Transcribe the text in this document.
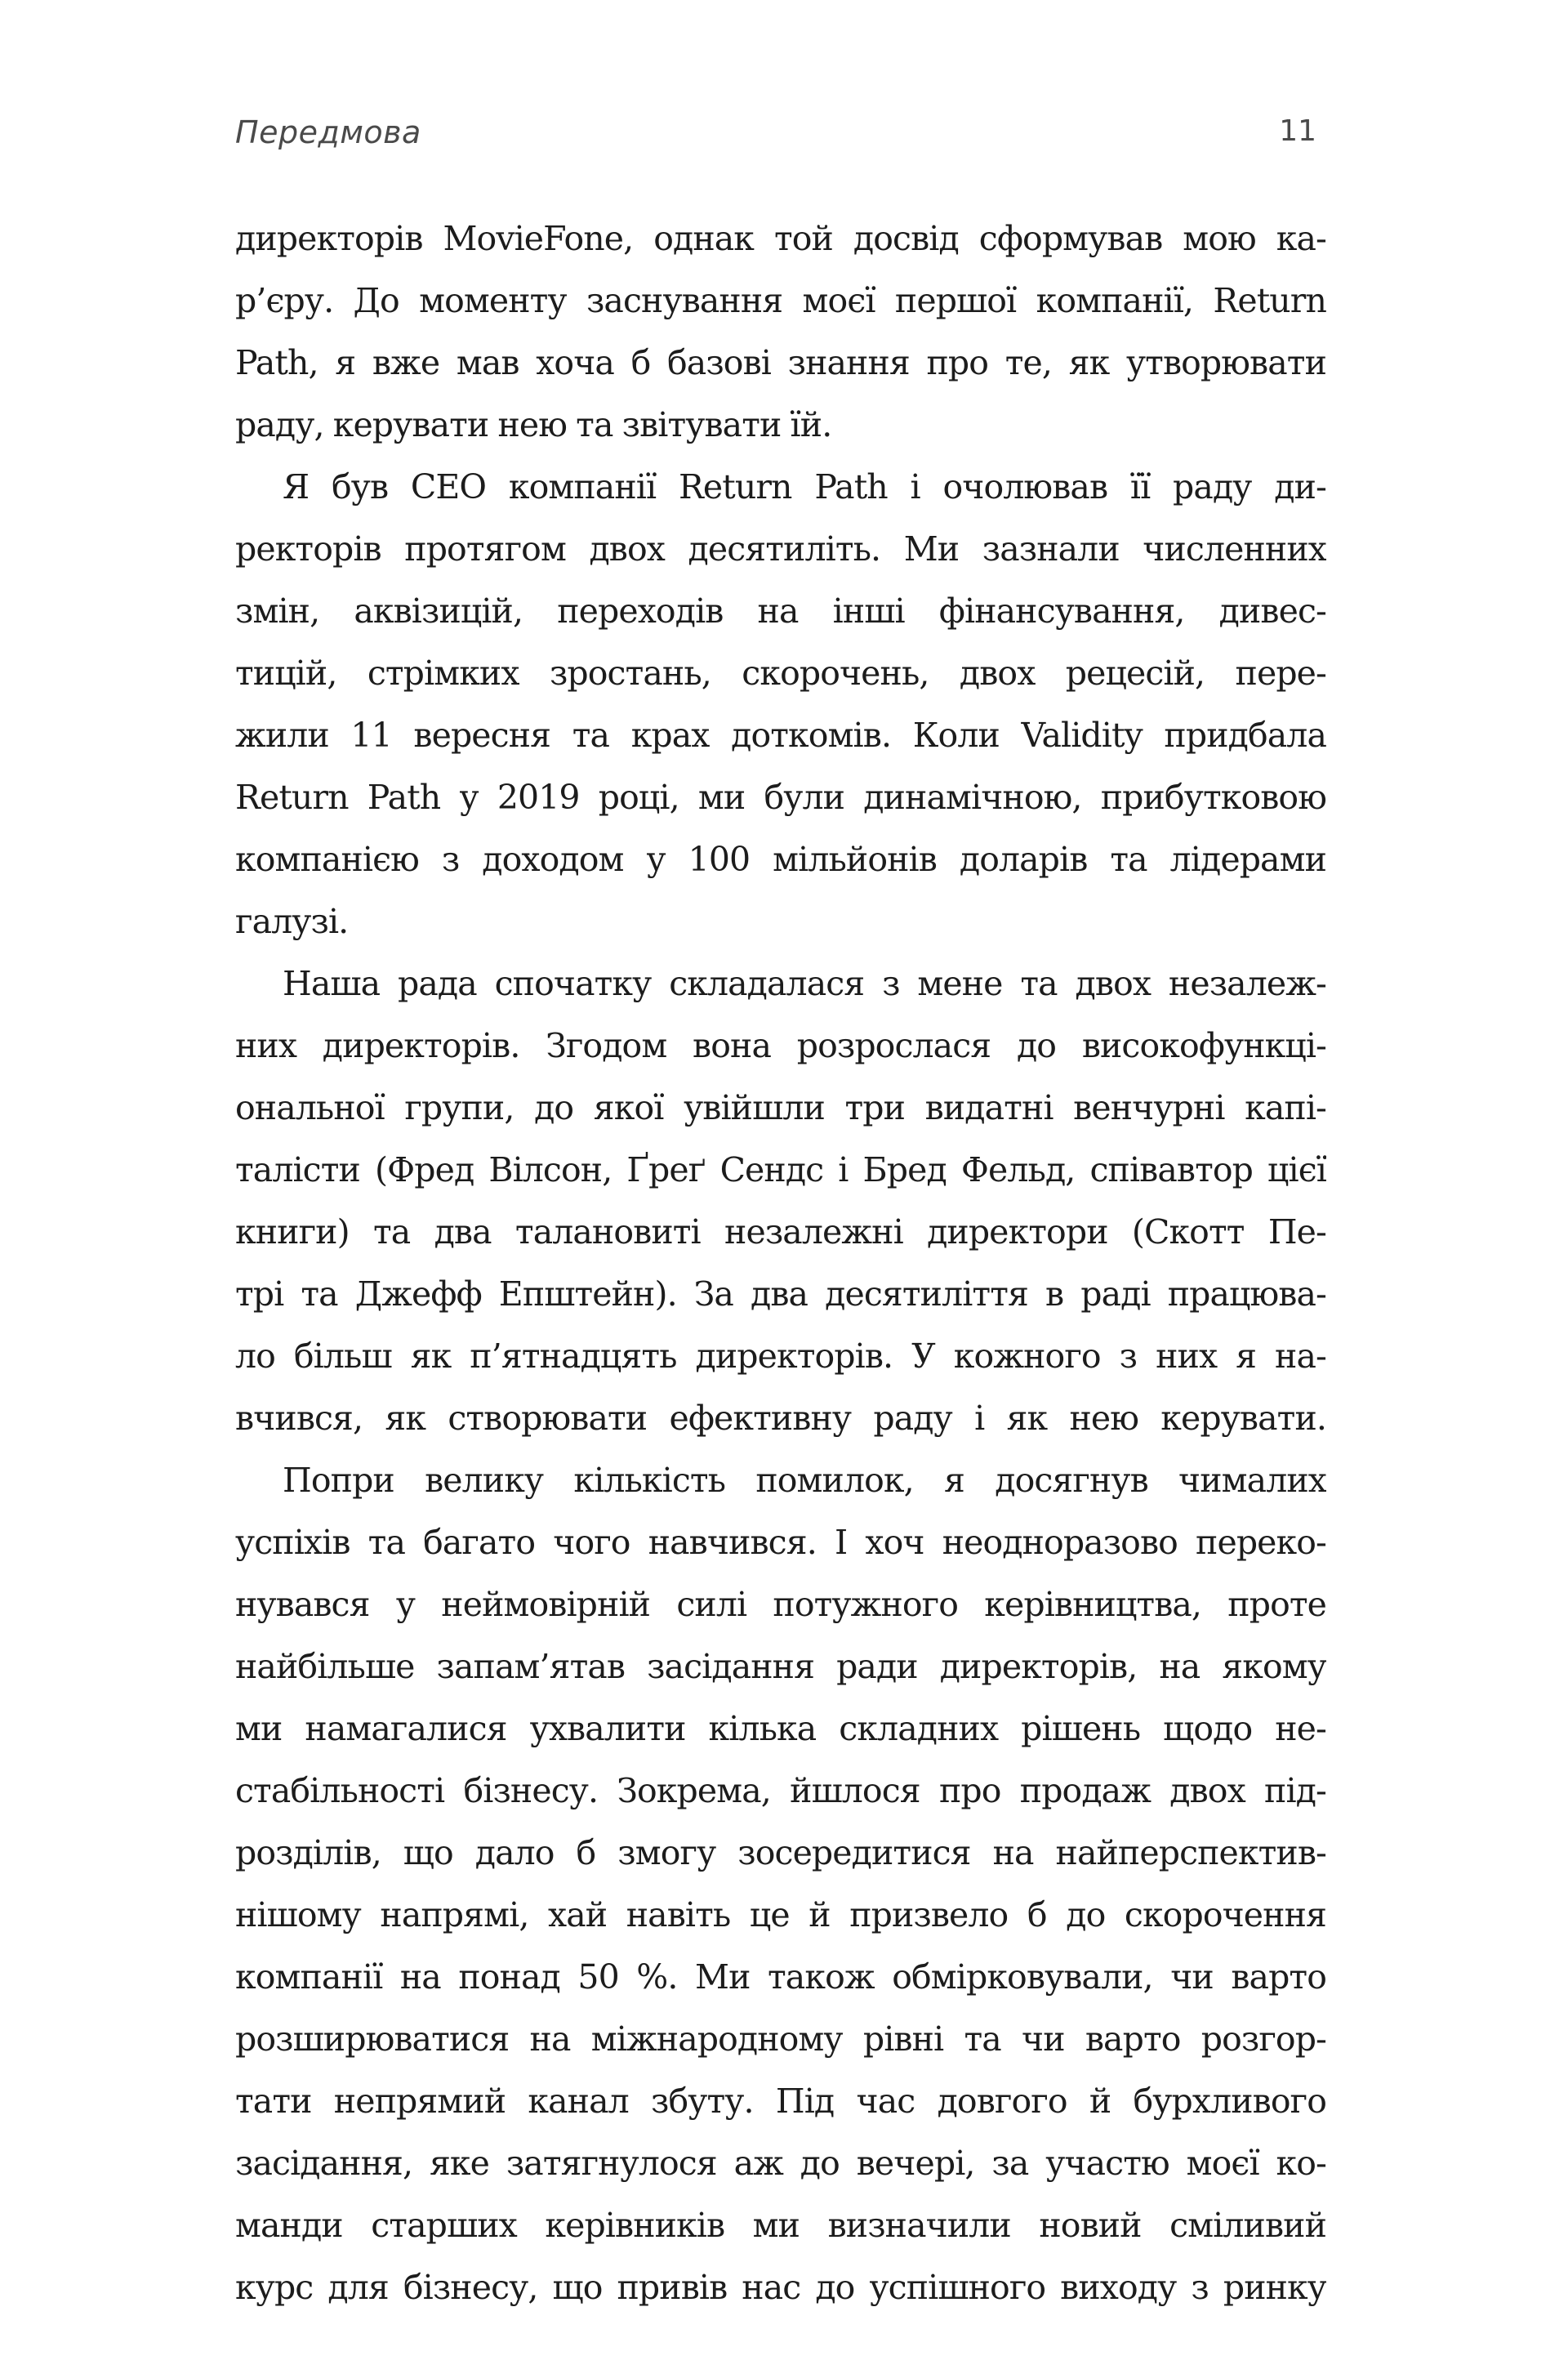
Передмова	11
директорів MovieFone, однак той досвід сформував мою ка-
р’єру. До моменту заснування моєї першої компанії, Return
Path, я вже мав хоча б базові знання про те, як утворювати
раду, керувати нею та звітувати їй.
Я був CEO компанії Return Path і очолював її раду ди-
ректорів протягом двох десятиліть. Ми зазнали численних
змін, аквізицій, переходів на інші фінансування, дивес-
тицій, стрімких зростань, скорочень, двох рецесій, пере-
жили 11 вересня та крах доткомів. Коли Validity придбала
Return Path у 2019 році, ми були динамічною, прибутковою
компанією з доходом у 100 мільйонів доларів та лідерами
галузі.
Наша рада спочатку складалася з мене та двох незалеж-
них директорів. Згодом вона розрослася до високофункці-
ональної групи, до якої увійшли три видатні венчурні капі-
талісти (Фред Вілсон, Ґреґ Сендс і Бред Фельд, співавтор цієї
книги) та два талановиті незалежні директори (Скотт Пе-
трі та Джефф Епштейн). За два десятиліття в раді працюва-
ло більш як п’ятнадцять директорів. У кожного з них я на-
вчився, як створювати ефективну раду і як нею керувати.
Попри велику кількість помилок, я досягнув чималих
успіхів та багато чого навчився. І хоч неодноразово переко-
нувався у неймовірній силі потужного керівництва, проте
найбільше запам’ятав засідання ради директорів, на якому
ми намагалися ухвалити кілька складних рішень щодо не-
стабільності бізнесу. Зокрема, йшлося про продаж двох під-
розділів, що дало б змогу зосередитися на найперспектив-
нішому напрямі, хай навіть це й призвело б до скорочення
компанії на понад 50 %. Ми також обмірковували, чи варто
розширюватися на міжнародному рівні та чи варто розгор-
тати непрямий канал збуту. Під час довгого й бурхливого
засідання, яке затягнулося аж до вечері, за участю моєї ко-
манди старших керівників ми визначили новий сміливий
курс для бізнесу, що привів нас до успішного виходу з ринку
